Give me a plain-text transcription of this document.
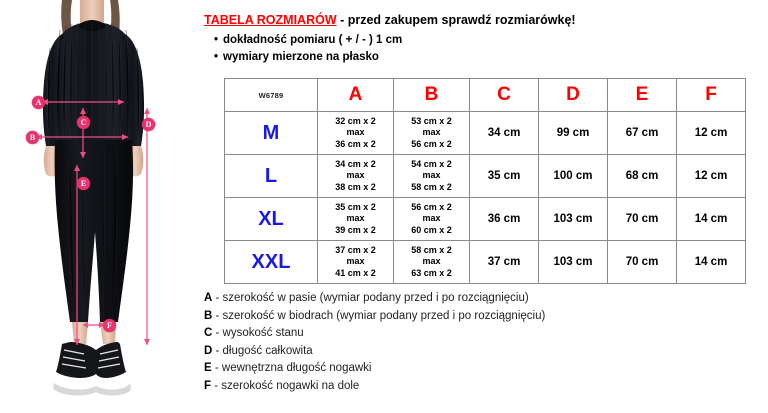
A
B
C	D
E
F
TABELA ROZMIARÓW - przed zakupem sprawdź rozmiarówkę!
• dokładność pomiaru ( + / - ) 1 cm
• wymiary mierzone na płasko
W6789	A	B	C	D	E	F
M	32 cm x 2
max
36 cm x 2	53 cm x 2
max
56 cm x 2	34 cm	99 cm	67 cm	12 cm
L	34 cm x 2
max
38 cm x 2	54 cm x 2
max
58 cm x 2	35 cm	100 cm	68 cm	12 cm
XL	35 cm x 2
max
39 cm x 2	56 cm x 2
max
60 cm x 2	36 cm	103 cm	70 cm	14 cm
XXL	37 cm x 2
max
41 cm x 2	58 cm x 2
max
63 cm x 2	37 cm	103 cm	70 cm	14 cm
A - szerokość w pasie (wymiar podany przed i po rozciągnięciu)
B - szerokość w biodrach (wymiar podany przed i po rozciągnięciu)
C - wysokość stanu
D - długość całkowita
E - wewnętrzna długość nogawki
F - szerokość nogawki na dole
